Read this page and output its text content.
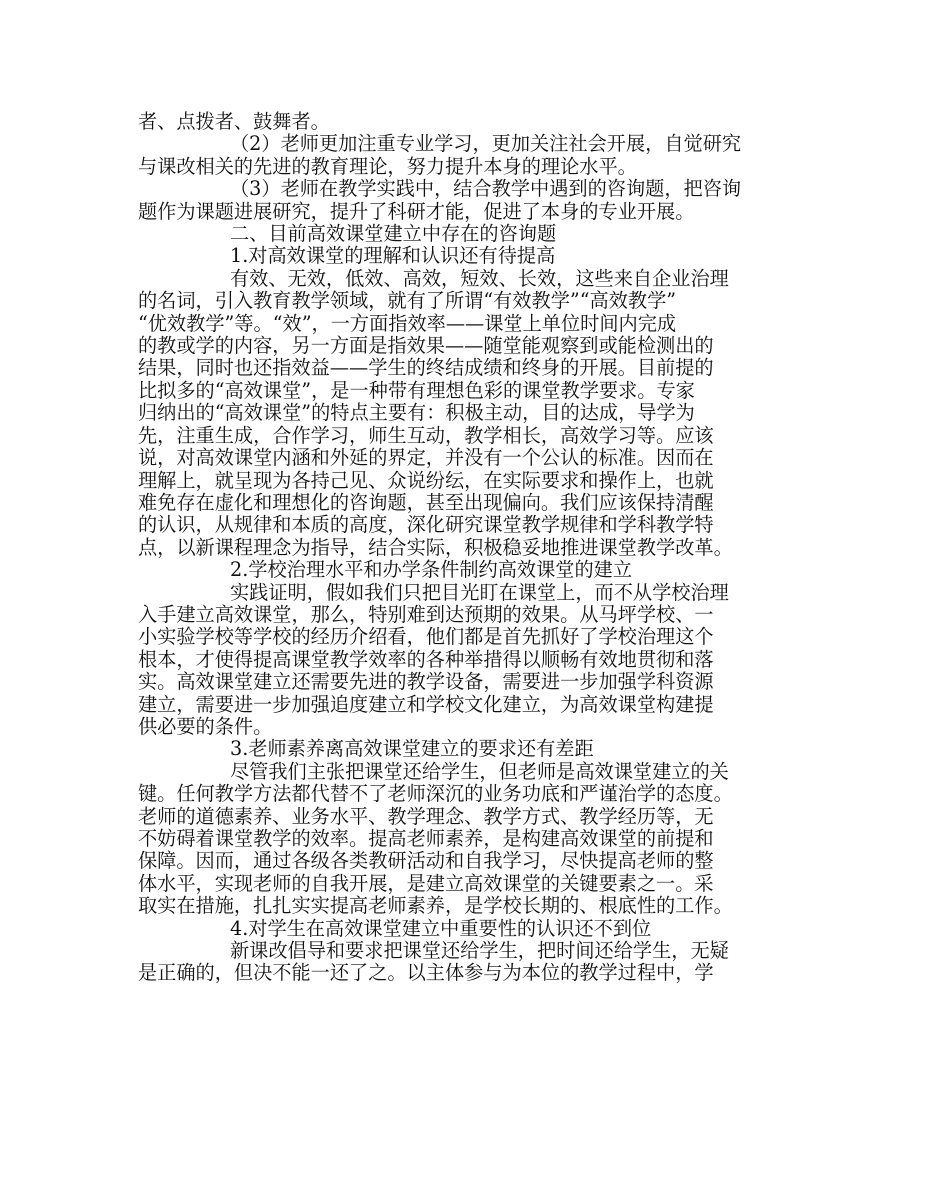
者、点拨者、鼓舞者。

（2）老师更加注重专业学习，更加关注社会开展，自觉研究

与课改相关的先进的教育理论，努力提升本身的理论水平。

（3）老师在教学实践中，结合教学中遇到的咨询题，把咨询

题作为课题进展研究，提升了科研才能，促进了本身的专业开展。

二、目前高效课堂建立中存在的咨询题

1.对高效课堂的理解和认识还有待提高

有效、无效，低效、高效，短效、长效，这些来自企业治理

的名词，引入教育教学领域，就有了所谓“有效教学”“高效教学”

“优效教学”等。“效”，一方面指效率——课堂上单位时间内完成

的教或学的内容，另一方面是指效果——随堂能观察到或能检测出的

结果，同时也还指效益——学生的终结成绩和终身的开展。目前提的

比拟多的“高效课堂”，是一种带有理想色彩的课堂教学要求。专家

归纳出的“高效课堂”的特点主要有：积极主动，目的达成，导学为

先，注重生成，合作学习，师生互动，教学相长，高效学习等。应该

说，对高效课堂内涵和外延的界定，并没有一个公认的标准。因而在

理解上，就呈现为各持己见、众说纷纭，在实际要求和操作上，也就

难免存在虚化和理想化的咨询题，甚至出现偏向。我们应该保持清醒

的认识，从规律和本质的高度，深化研究课堂教学规律和学科教学特

点，以新课程理念为指导，结合实际，积极稳妥地推进课堂教学改革。

2.学校治理水平和办学条件制约高效课堂的建立

实践证明，假如我们只把目光盯在课堂上，而不从学校治理

入手建立高效课堂，那么，特别难到达预期的效果。从马坪学校、一

小实验学校等学校的经历介绍看，他们都是首先抓好了学校治理这个

根本，才使得提高课堂教学效率的各种举措得以顺畅有效地贯彻和落

实。高效课堂建立还需要先进的教学设备，需要进一步加强学科资源

建立，需要进一步加强追度建立和学校文化建立，为高效课堂构建提

供必要的条件。

3.老师素养离高效课堂建立的要求还有差距

尽管我们主张把课堂还给学生，但老师是高效课堂建立的关

键。任何教学方法都代替不了老师深沉的业务功底和严谨治学的态度。

老师的道德素养、业务水平、教学理念、教学方式、教学经历等，无

不妨碍着课堂教学的效率。提高老师素养，是构建高效课堂的前提和

保障。因而，通过各级各类教研活动和自我学习，尽快提高老师的整

体水平，实现老师的自我开展，是建立高效课堂的关键要素之一。采

取实在措施，扎扎实实提高老师素养，是学校长期的、根底性的工作。

4.对学生在高效课堂建立中重要性的认识还不到位

新课改倡导和要求把课堂还给学生，把时间还给学生，无疑

是正确的，但决不能一还了之。以主体参与为本位的教学过程中，学
